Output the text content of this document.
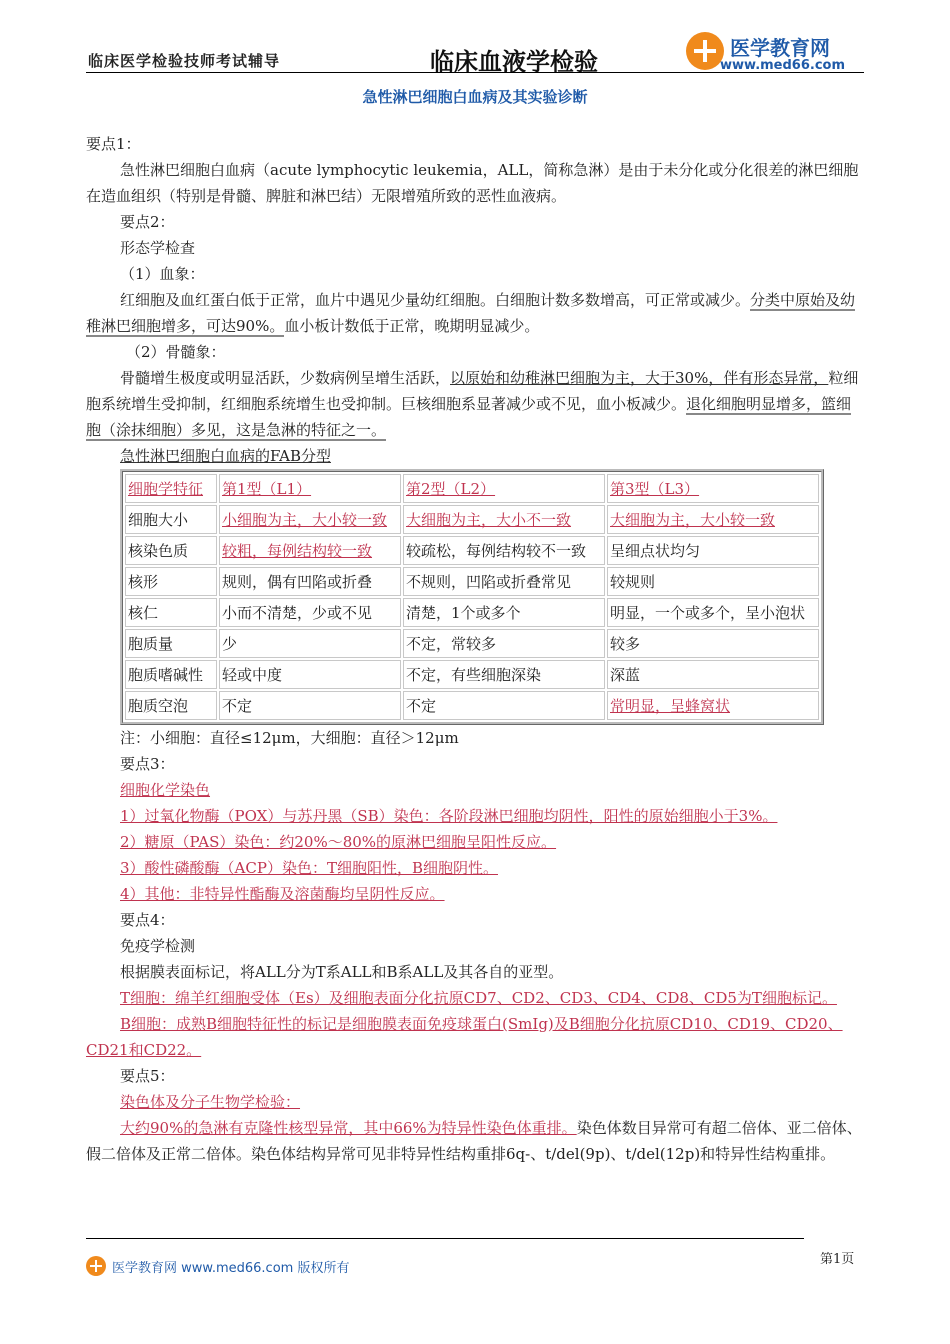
临床医学检验技师考试辅导	临床血液学检验	医学教育网
www.med66.com
急性淋巴细胞白血病及其实验诊断

要点1：

急性淋巴细胞白血病（acute lymphocytic leukemia，ALL，简称急淋）是由于未分化或分化很差的淋巴细胞在造血组织（特别是骨髓、脾脏和淋巴结）无限增殖所致的恶性血液病。

要点2：

形态学检查

（1）血象：

红细胞及血红蛋白低于正常，血片中遇见少量幼红细胞。白细胞计数多数增高，可正常或减少。分类中原始及幼稚淋巴细胞增多，可达90%。血小板计数低于正常，晚期明显减少。

（2）骨髓象：

骨髓增生极度或明显活跃，少数病例呈增生活跃，以原始和幼稚淋巴细胞为主，大于30%，伴有形态异常，粒细胞系统增生受抑制，红细胞系统增生也受抑制。巨核细胞系显著减少或不见，血小板减少。退化细胞明显增多，篮细胞（涂抹细胞）多见，这是急淋的特征之一。

急性淋巴细胞白血病的FAB分型

细胞学特征	第1型（L1）	第2型（L2）	第3型（L3）
细胞大小	小细胞为主，大小较一致	大细胞为主，大小不一致	大细胞为主，大小较一致
核染色质	较粗，每例结构较一致	较疏松，每例结构较不一致	呈细点状均匀
核形	规则，偶有凹陷或折叠	不规则，凹陷或折叠常见	较规则
核仁	小而不清楚，少或不见	清楚，1个或多个	明显，一个或多个，呈小泡状
胞质量	少	不定，常较多	较多
胞质嗜碱性	轻或中度	不定，有些细胞深染	深蓝
胞质空泡	不定	不定	常明显，呈蜂窝状

注：小细胞：直径≤12μm，大细胞：直径＞12μm

要点3：

细胞化学染色

1）过氧化物酶（POX）与苏丹黑（SB）染色：各阶段淋巴细胞均阴性，阳性的原始细胞小于3%。

2）糖原（PAS）染色：约20%～80%的原淋巴细胞呈阳性反应。

3）酸性磷酸酶（ACP）染色：T细胞阳性，B细胞阴性。

4）其他：非特异性酯酶及溶菌酶均呈阴性反应。

要点4：

免疫学检测

根据膜表面标记，将ALL分为T系ALL和B系ALL及其各自的亚型。

T细胞：绵羊红细胞受体（Es）及细胞表面分化抗原CD7、CD2、CD3、CD4、CD8、CD5为T细胞标记。

B细胞：成熟B细胞特征性的标记是细胞膜表面免疫球蛋白(SmIg)及B细胞分化抗原CD10、CD19、CD20、CD21和CD22。

要点5：

染色体及分子生物学检验：

大约90%的急淋有克隆性核型异常，其中66%为特异性染色体重排。染色体数目异常可有超二倍体、亚二倍体、假二倍体及正常二倍体。染色体结构异常可见非特异性结构重排6q-、t/del(9p)、t/del(12p)和特异性结构重排。

医学教育网 www.med66.com 版权所有
第1页
